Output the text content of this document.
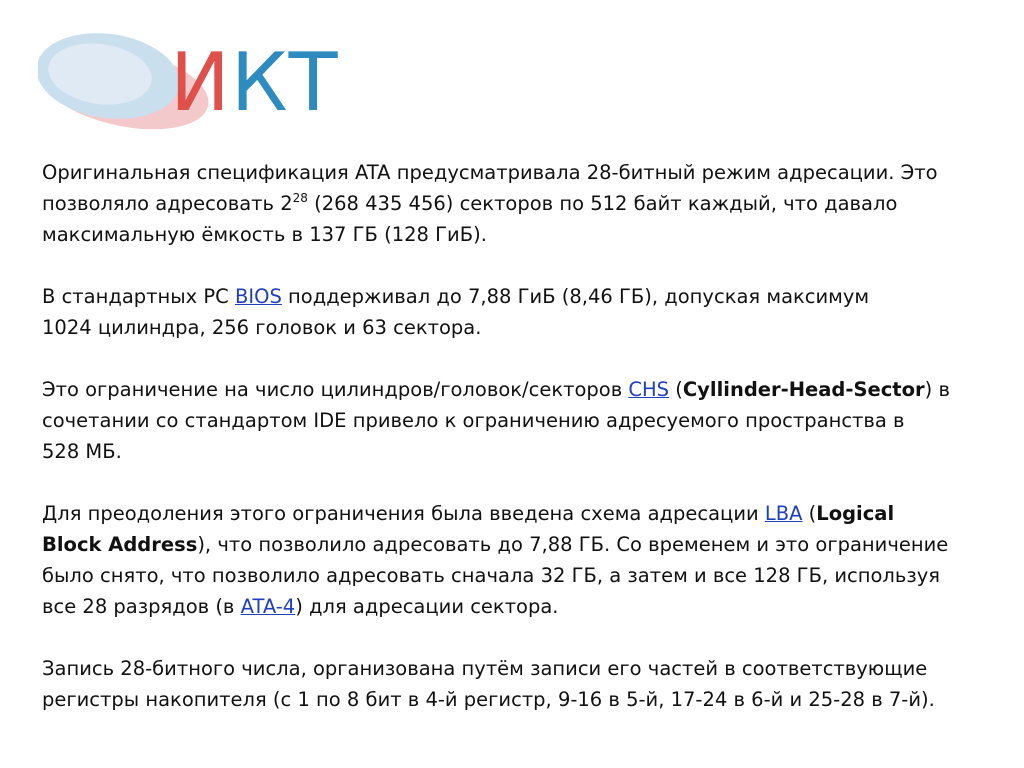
ИКТ

Оригинальная спецификация ATA предусматривала 28-битный режим адресации. Это
позволяло адресовать $2^{28}$ (268 435 456) секторов по 512 байт каждый, что давало
максимальную ёмкость в 137 ГБ (128 ГиБ).

В стандартных PC BIOS поддерживал до 7,88 ГиБ (8,46 ГБ), допуская максимум
1024 цилиндра, 256 головок и 63 сектора.

Это ограничение на число цилиндров/головок/секторов CHS (Cyllinder-Head-Sector) в
сочетании со стандартом IDE привело к ограничению адресуемого пространства в
528 МБ.

Для преодоления этого ограничения была введена схема адресации LBA (Logical
Block Address), что позволило адресовать до 7,88 ГБ. Со временем и это ограничение
было снято, что позволило адресовать сначала 32 ГБ, а затем и все 128 ГБ, используя
все 28 разрядов (в ATA-4) для адресации сектора.

Запись 28-битного числа, организована путём записи его частей в соответствующие
регистры накопителя (с 1 по 8 бит в 4-й регистр, 9-16 в 5-й, 17-24 в 6-й и 25-28 в 7-й).
